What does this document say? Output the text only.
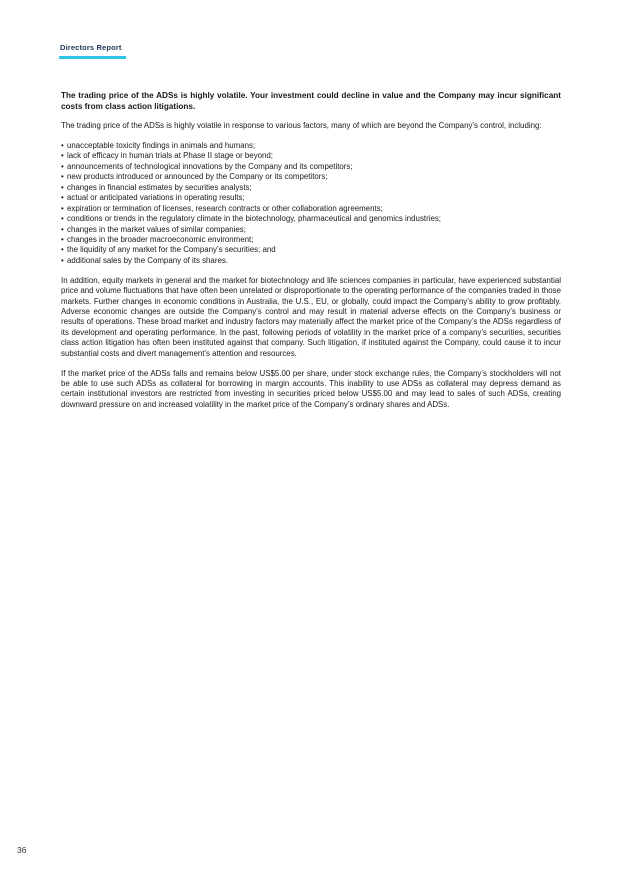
Directors Report

The trading price of the ADSs is highly volatile. Your investment could decline in value and the Company may incur significant costs from class action litigations.

The trading price of the ADSs is highly volatile in response to various factors, many of which are beyond the Company’s control, including:

• unacceptable toxicity findings in animals and humans;
• lack of efficacy in human trials at Phase II stage or beyond;
• announcements of technological innovations by the Company and its competitors;
• new products introduced or announced by the Company or its competitors;
• changes in financial estimates by securities analysts;
• actual or anticipated variations in operating results;
• expiration or termination of licenses, research contracts or other collaboration agreements;
• conditions or trends in the regulatory climate in the biotechnology, pharmaceutical and genomics industries;
• changes in the market values of similar companies;
• changes in the broader macroeconomic environment;
• the liquidity of any market for the Company’s securities; and
• additional sales by the Company of its shares.

In addition, equity markets in general and the market for biotechnology and life sciences companies in particular, have experienced substantial price and volume fluctuations that have often been unrelated or disproportionate to the operating performance of the companies traded in those markets. Further changes in economic conditions in Australia, the U.S., EU, or globally, could impact the Company’s ability to grow profitably. Adverse economic changes are outside the Company’s control and may result in material adverse effects on the Company’s business or results of operations. These broad market and industry factors may materially affect the market price of the Company’s the ADSs regardless of its development and operating performance. In the past, following periods of volatility in the market price of a company’s securities, securities class action litigation has often been instituted against that company. Such litigation, if instituted against the Company, could cause it to incur substantial costs and divert management’s attention and resources.

If the market price of the ADSs falls and remains below US$5.00 per share, under stock exchange rules, the Company’s stockholders will not be able to use such ADSs as collateral for borrowing in margin accounts. This inability to use ADSs as collateral may depress demand as certain institutional investors are restricted from investing in securities priced below US$5.00 and may lead to sales of such ADSs, creating downward pressure on and increased volatility in the market price of the Company’s ordinary shares and ADSs.

36
